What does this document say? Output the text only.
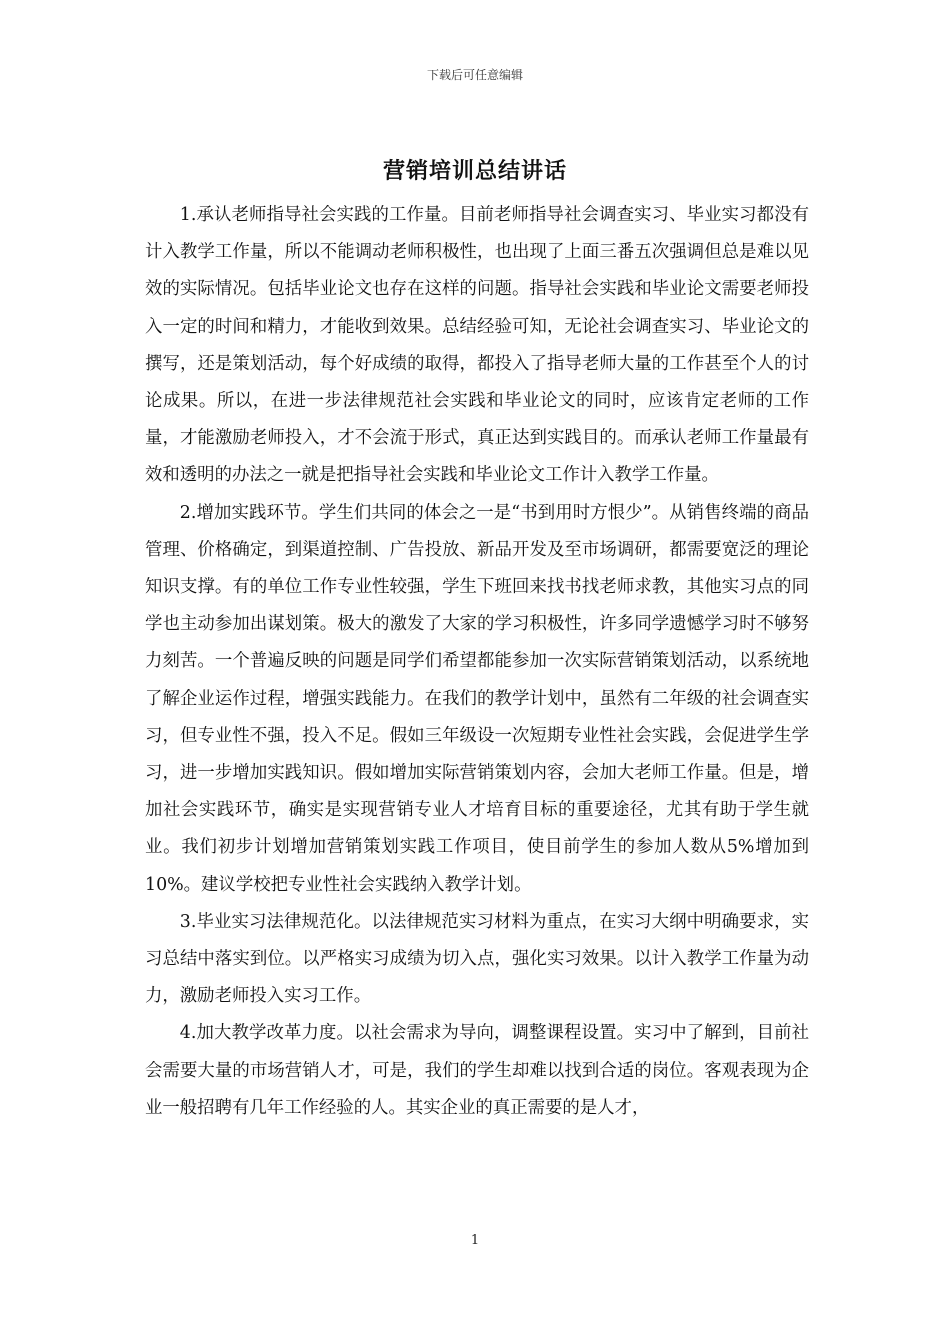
下载后可任意编辑
营销培训总结讲话

1.承认老师指导社会实践的工作量。目前老师指导社会调查实习、毕业实习都没有计入教学工作量，所以不能调动老师积极性，也出现了上面三番五次强调但总是难以见效的实际情况。包括毕业论文也存在这样的问题。指导社会实践和毕业论文需要老师投入一定的时间和精力，才能收到效果。总结经验可知，无论社会调查实习、毕业论文的撰写，还是策划活动，每个好成绩的取得，都投入了指导老师大量的工作甚至个人的讨论成果。所以，在进一步法律规范社会实践和毕业论文的同时，应该肯定老师的工作量，才能激励老师投入，才不会流于形式，真正达到实践目的。而承认老师工作量最有效和透明的办法之一就是把指导社会实践和毕业论文工作计入教学工作量。

2.增加实践环节。学生们共同的体会之一是“书到用时方恨少”。从销售终端的商品管理、价格确定，到渠道控制、广告投放、新品开发及至市场调研，都需要宽泛的理论知识支撑。有的单位工作专业性较强，学生下班回来找书找老师求教，其他实习点的同学也主动参加出谋划策。极大的激发了大家的学习积极性，许多同学遗憾学习时不够努力刻苦。一个普遍反映的问题是同学们希望都能参加一次实际营销策划活动，以系统地了解企业运作过程，增强实践能力。在我们的教学计划中，虽然有二年级的社会调查实习，但专业性不强，投入不足。假如三年级设一次短期专业性社会实践，会促进学生学习，进一步增加实践知识。假如增加实际营销策划内容，会加大老师工作量。但是，增加社会实践环节，确实是实现营销专业人才培育目标的重要途径，尤其有助于学生就业。我们初步计划增加营销策划实践工作项目，使目前学生的参加人数从5%增加到10%。建议学校把专业性社会实践纳入教学计划。

3.毕业实习法律规范化。以法律规范实习材料为重点，在实习大纲中明确要求，实习总结中落实到位。以严格实习成绩为切入点，强化实习效果。以计入教学工作量为动力，激励老师投入实习工作。

4.加大教学改革力度。以社会需求为导向，调整课程设置。实习中了解到，目前社会需要大量的市场营销人才，可是，我们的学生却难以找到合适的岗位。客观表现为企业一般招聘有几年工作经验的人。其实企业的真正需要的是人才，

1
